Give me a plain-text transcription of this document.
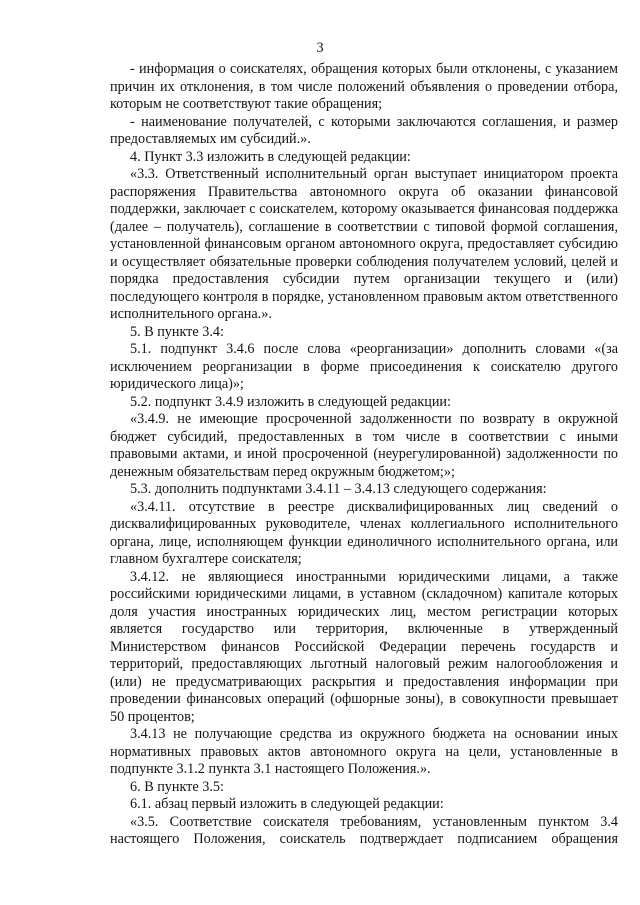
3

- информация о соискателях, обращения которых были отклонены, с указанием причин их отклонения, в том числе положений объявления о проведении отбора, которым не соответствуют такие обращения;

- наименование получателей, с которыми заключаются соглашения, и размер предоставляемых им субсидий.».

4. Пункт 3.3 изложить в следующей редакции:

«3.3. Ответственный исполнительный орган выступает инициатором проекта распоряжения Правительства автономного округа об оказании финансовой поддержки, заключает с соискателем, которому оказывается финансовая поддержка (далее – получатель), соглашение в соответствии с типовой формой соглашения, установленной финансовым органом автономного округа, предоставляет субсидию и осуществляет обязательные проверки соблюдения получателем условий, целей и порядка предоставления субсидии путем организации текущего и (или) последующего контроля в порядке, установленном правовым актом ответственного исполнительного органа.».

5. В пункте 3.4:

5.1. подпункт 3.4.6 после слова «реорганизации» дополнить словами «(за исключением реорганизации в форме присоединения к соискателю другого юридического лица)»;

5.2. подпункт 3.4.9 изложить в следующей редакции:

«3.4.9. не имеющие просроченной задолженности по возврату в окружной бюджет субсидий, предоставленных в том числе в соответствии с иными правовыми актами, и иной просроченной (неурегулированной) задолженности по денежным обязательствам перед окружным бюджетом;»;

5.3. дополнить подпунктами 3.4.11 – 3.4.13 следующего содержания:

«3.4.11. отсутствие в реестре дисквалифицированных лиц сведений о дисквалифицированных руководителе, членах коллегиального исполнительного органа, лице, исполняющем функции единоличного исполнительного органа, или главном бухгалтере соискателя;

3.4.12. не являющиеся иностранными юридическими лицами, а также российскими юридическими лицами, в уставном (складочном) капитале которых доля участия иностранных юридических лиц, местом регистрации которых является государство или территория, включенные в утвержденный Министерством финансов Российской Федерации перечень государств и территорий, предоставляющих льготный налоговый режим налогообложения и (или) не предусматривающих раскрытия и предоставления информации при проведении финансовых операций (офшорные зоны), в совокупности превышает 50 процентов;

3.4.13 не получающие средства из окружного бюджета на основании иных нормативных правовых актов автономного округа на цели, установленные в подпункте 3.1.2 пункта 3.1 настоящего Положения.».

6. В пункте 3.5:

6.1. абзац первый изложить в следующей редакции:

«3.5. Соответствие соискателя требованиям, установленным пунктом 3.4 настоящего Положения, соискатель подтверждает подписанием обращения
